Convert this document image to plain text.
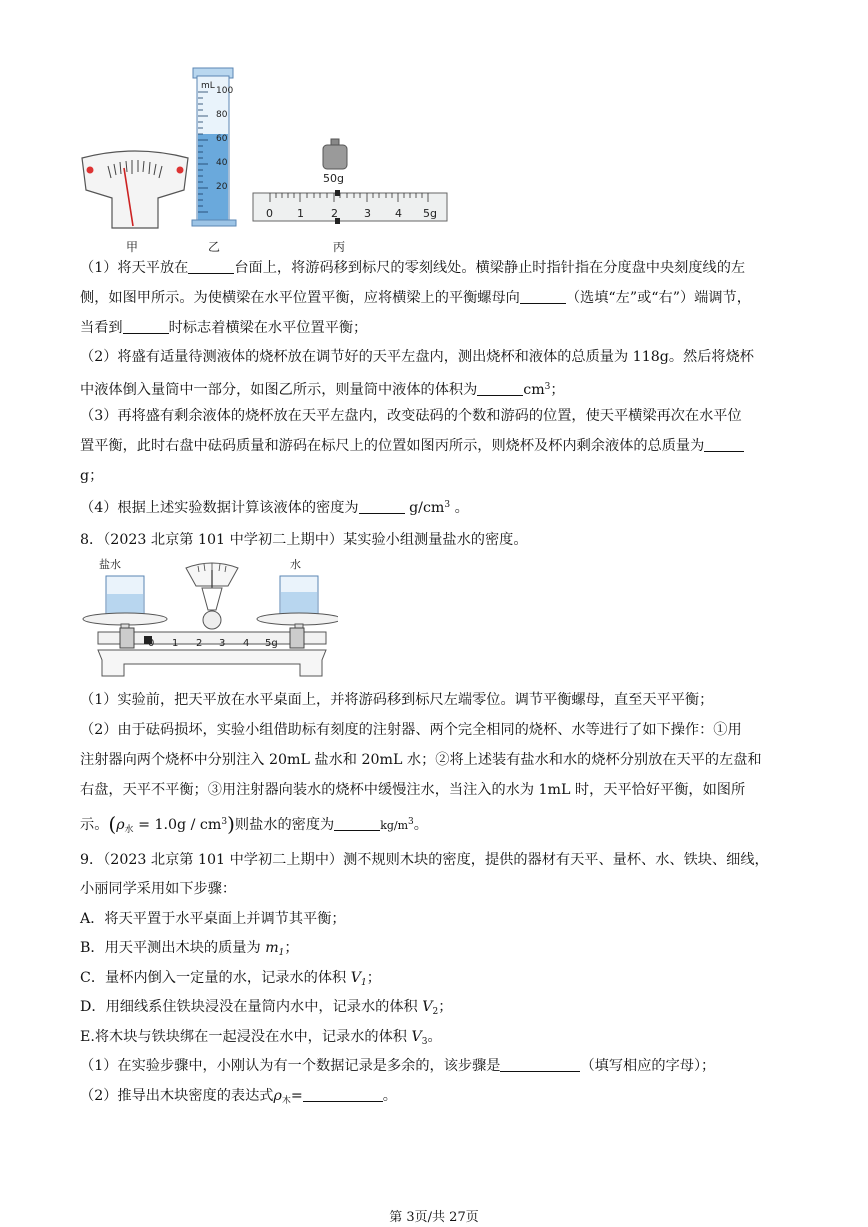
甲
mL 100
80
60
40
20
乙
50g
0 1 2 3 4 5g
丙
（1）将天平放在	台面上，将游码移到标尺的零刻线处。横梁静止时指针指在分度盘中央刻度线的左
侧，如图甲所示。为使横梁在水平位置平衡，应将横梁上的平衡螺母向	（选填“左”或“右”）端调节，
当看到	时标志着横梁在水平位置平衡；
（2）将盛有适量待测液体的烧杯放在调节好的天平左盘内，测出烧杯和液体的总质量为 118g。然后将烧杯
中液体倒入量筒中一部分，如图乙所示，则量筒中液体的体积为	$cm^3$；
（3）再将盛有剩余液体的烧杯放在天平左盘内，改变砝码的个数和游码的位置，使天平横梁再次在水平位
置平衡，此时右盘中砝码质量和游码在标尺上的位置如图丙所示，则烧杯及杯内剩余液体的总质量为
g；
（4）根据上述实验数据计算该液体的密度为	$g/cm^3$ 。
8．（2023 北京第 101 中学初二上期中）某实验小组测量盐水的密度。
盐水	水
0 1 2 3 4 5g
（1）实验前，把天平放在水平桌面上，并将游码移到标尺左端零位。调节平衡螺母，直至天平平衡；
（2）由于砝码损坏，实验小组借助标有刻度的注射器、两个完全相同的烧杯、水等进行了如下操作：①用
注射器向两个烧杯中分别注入 20mL 盐水和 20mL 水；②将上述装有盐水和水的烧杯分别放在天平的左盘和
右盘，天平不平衡；③用注射器向装水的烧杯中缓慢注水，当注入的水为 1mL 时，天平恰好平衡，如图所
示。$(\rho_水 = 1.0g / cm^3)$则盐水的密度为	$kg/m^3$。
9．（2023 北京第 101 中学初二上期中）测不规则木块的密度，提供的器材有天平、量杯、水、铁块、细线，
小丽同学采用如下步骤：
A．将天平置于水平桌面上并调节其平衡；
B．用天平测出木块的质量为 $m_1$；
C．量杯内倒入一定量的水，记录水的体积 $V_1$；
D．用细线系住铁块浸没在量筒内水中，记录水的体积 $V_2$；
E.将木块与铁块绑在一起浸没在水中，记录水的体积 $V_3$。
（1）在实验步骤中，小刚认为有一个数据记录是多余的，该步骤是	（填写相应的字母）；
（2）推导出木块密度的表达式$\rho_木=$	。
第 3页/共 27页
